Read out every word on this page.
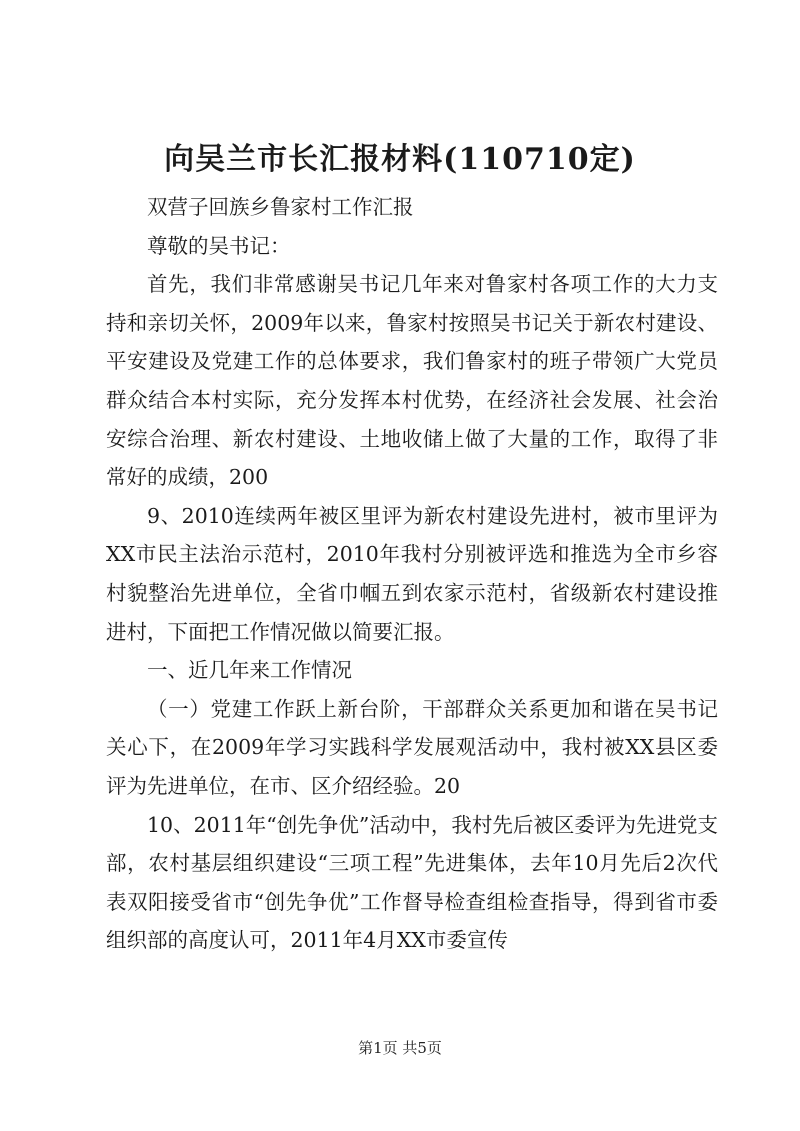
向吴兰市长汇报材料(110710定)

双营子回族乡鲁家村工作汇报

尊敬的吴书记：

首先，我们非常感谢吴书记几年来对鲁家村各项工作的大力支持和亲切关怀，2009年以来，鲁家村按照吴书记关于新农村建设、平安建设及党建工作的总体要求，我们鲁家村的班子带领广大党员群众结合本村实际，充分发挥本村优势，在经济社会发展、社会治安综合治理、新农村建设、土地收储上做了大量的工作，取得了非常好的成绩，200

9、2010连续两年被区里评为新农村建设先进村，被市里评为XX市民主法治示范村，2010年我村分别被评选和推选为全市乡容村貌整治先进单位，全省巾帼五到农家示范村，省级新农村建设推进村，下面把工作情况做以简要汇报。

一、近几年来工作情况

（一）党建工作跃上新台阶，干部群众关系更加和谐在吴书记关心下，在2009年学习实践科学发展观活动中，我村被XX县区委评为先进单位，在市、区介绍经验。20

10、2011年“创先争优”活动中，我村先后被区委评为先进党支部，农村基层组织建设“三项工程”先进集体，去年10月先后2次代表双阳接受省市“创先争优”工作督导检查组检查指导，得到省市委组织部的高度认可，2011年4月XX市委宣传

第1页 共5页
